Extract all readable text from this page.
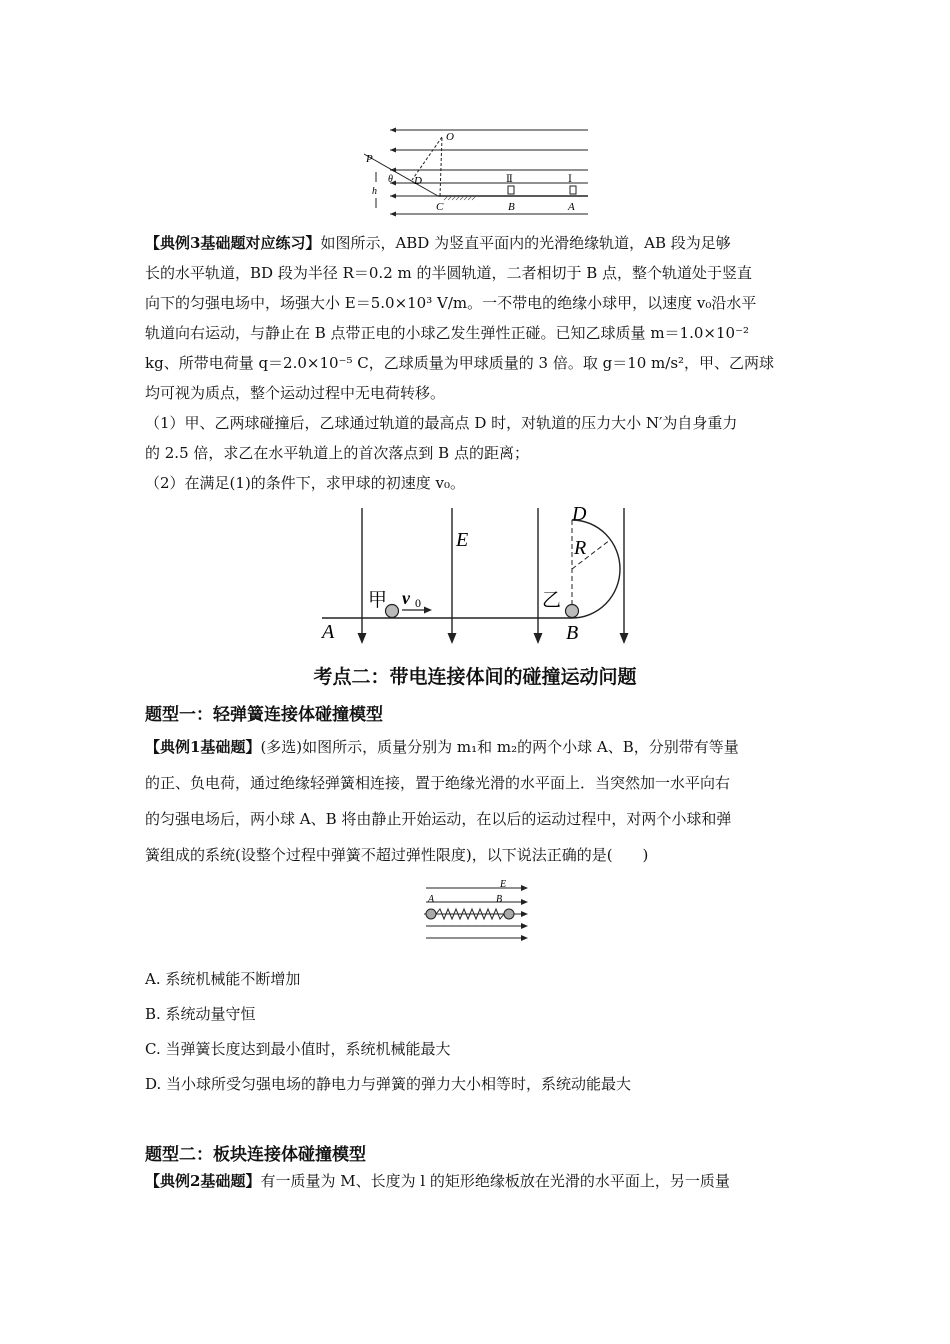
O
P
θ D
h
C	B	A
Ⅱ	Ⅰ
【典例3基础题对应练习】如图所示，ABD 为竖直平面内的光滑绝缘轨道，AB 段为足够
长的水平轨道，BD 段为半径 R＝0.2 m 的半圆轨道，二者相切于 B 点，整个轨道处于竖直
向下的匀强电场中，场强大小 E＝5.0×10³ V/m。一不带电的绝缘小球甲，以速度 v₀沿水平
轨道向右运动，与静止在 B 点带正电的小球乙发生弹性正碰。已知乙球质量 m＝1.0×10⁻²
kg、所带电荷量 q＝2.0×10⁻⁵ C，乙球质量为甲球质量的 3 倍。取 g＝10 m/s²，甲、乙两球
均可视为质点，整个运动过程中无电荷转移。
（1）甲、乙两球碰撞后，乙球通过轨道的最高点 D 时，对轨道的压力大小 N′为自身重力
的 2.5 倍，求乙在水平轨道上的首次落点到 B 点的距离；
（2）在满足(1)的条件下，求甲球的初速度 v₀。
E
D
R
甲 v 0	乙
A	B
考点二：带电连接体间的碰撞运动问题
题型一：轻弹簧连接体碰撞模型
【典例1基础题】(多选)如图所示，质量分别为 m₁和 m₂的两个小球 A、B，分别带有等量
的正、负电荷，通过绝缘轻弹簧相连接，置于绝缘光滑的水平面上．当突然加一水平向右
的匀强电场后，两小球 A、B 将由静止开始运动，在以后的运动过程中，对两个小球和弹
簧组成的系统(设整个过程中弹簧不超过弹性限度)，以下说法正确的是(　　)
E
A	B
A. 系统机械能不断增加
B. 系统动量守恒
C. 当弹簧长度达到最小值时，系统机械能最大
D. 当小球所受匀强电场的静电力与弹簧的弹力大小相等时，系统动能最大
题型二：板块连接体碰撞模型
【典例2基础题】有一质量为 M、长度为 l 的矩形绝缘板放在光滑的水平面上，另一质量
